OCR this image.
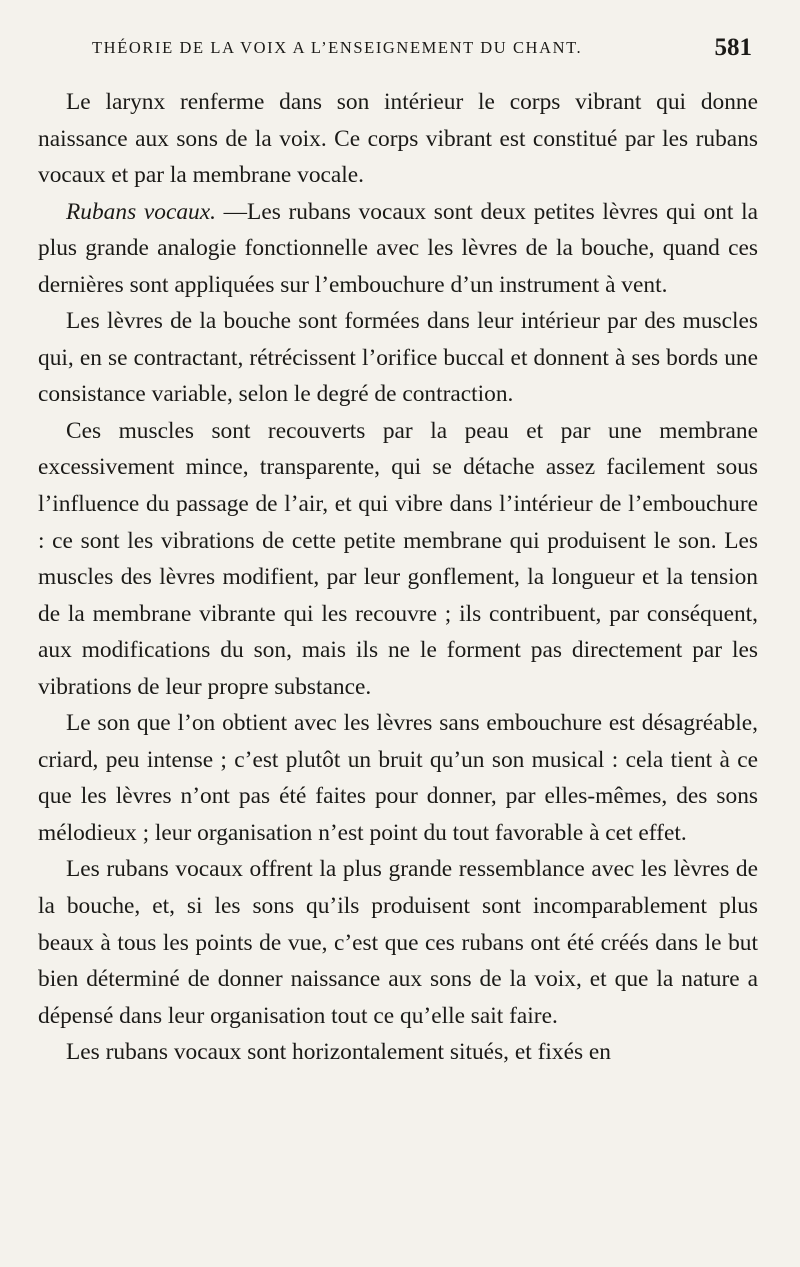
THÉORIE DE LA VOIX A L’ENSEIGNEMENT DU CHANT.	581

Le larynx renferme dans son intérieur le corps vibrant qui donne naissance aux sons de la voix. Ce corps vibrant est constitué par les rubans vocaux et par la membrane vocale.

Rubans vocaux. —Les rubans vocaux sont deux petites lèvres qui ont la plus grande analogie fonctionnelle avec les lèvres de la bouche, quand ces dernières sont appliquées sur l’embouchure d’un instrument à vent.

Les lèvres de la bouche sont formées dans leur intérieur par des muscles qui, en se contractant, rétrécissent l’orifice buccal et donnent à ses bords une consistance variable, selon le degré de contraction.

Ces muscles sont recouverts par la peau et par une membrane excessivement mince, transparente, qui se détache assez facilement sous l’influence du passage de l’air, et qui vibre dans l’intérieur de l’embouchure : ce sont les vibrations de cette petite membrane qui produisent le son. Les muscles des lèvres modifient, par leur gonflement, la longueur et la tension de la membrane vibrante qui les recouvre ; ils contribuent, par conséquent, aux modifications du son, mais ils ne le forment pas directement par les vibrations de leur propre substance.

Le son que l’on obtient avec les lèvres sans embouchure est désagréable, criard, peu intense ; c’est plutôt un bruit qu’un son musical : cela tient à ce que les lèvres n’ont pas été faites pour donner, par elles-mêmes, des sons mélodieux ; leur organisation n’est point du tout favorable à cet effet.

Les rubans vocaux offrent la plus grande ressemblance avec les lèvres de la bouche, et, si les sons qu’ils produisent sont incomparablement plus beaux à tous les points de vue, c’est que ces rubans ont été créés dans le but bien déterminé de donner naissance aux sons de la voix, et que la nature a dépensé dans leur organisation tout ce qu’elle sait faire.

Les rubans vocaux sont horizontalement situés, et fixés en
